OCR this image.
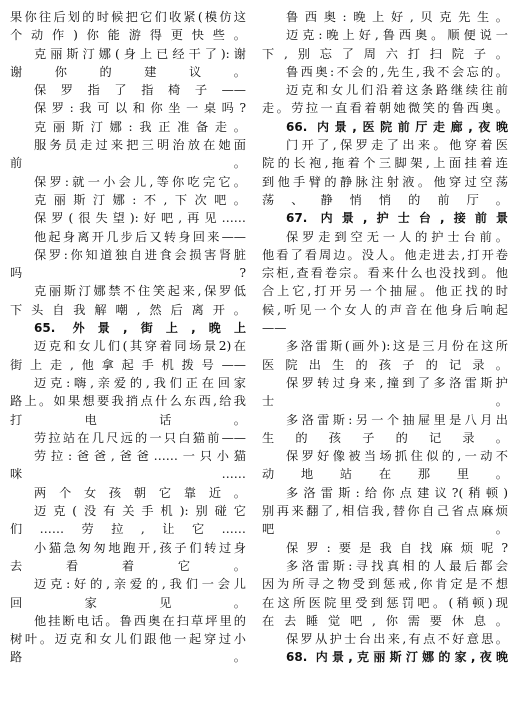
果你往后划的时候把它们收紧(模仿这
个动作)你能游得更快些。
克丽斯汀娜(身上已经干了):谢
谢你的建议。
保罗指了指椅子——
保罗:我可以和你坐一桌吗?
克丽斯汀娜:我正准备走。
服务员走过来把三明治放在她面
前 。
保罗:就一小会儿,等你吃完它。
克丽斯汀娜:不,下次吧。
保罗(很失望):好吧,再见……
他起身离开几步后又转身回来——
保罗:你知道独自进食会损害肾脏
吗 ?
克丽斯汀娜禁不住笑起来,保罗低
下头自我解嘲,然后离开。
65. 外景,街上,晚上
迈克和女儿们(其穿着同场景2)在
街上走,他拿起手机拨号——
迈克:嗨,亲爱的,我们正在回家
路上。如果想要我捎点什么东西,给我
打电话。
劳拉站在几尺远的一只白猫前——
劳拉:爸爸,爸爸……一只小猫
咪……
两个女孩朝它靠近。
迈克(没有关手机):别碰它
们……劳拉,让它……
小猫急匆匆地跑开,孩子们转过身
去看着它。
迈克:好的,亲爱的,我们一会儿
回家见。
他挂断电话。鲁西奥在扫草坪里的
树叶。迈克和女儿们跟他一起穿过小
路 。
鲁西奥:晚上好,贝克先生。
迈克:晚上好,鲁西奥。顺便说一
下,别忘了周六打扫院子。
鲁西奥:不会的,先生,我不会忘的。
迈克和女儿们沿着这条路继续往前
走。劳拉一直看着朝她微笑的鲁西奥。
66. 内景,医院前厅走廊,夜晚
门开了,保罗走了出来。他穿着医
院的长袍,拖着个三脚架,上面挂着连
到他手臂的静脉注射液。他穿过空荡
荡、静悄悄的前厅。
67. 内景,护士台,接前景
保罗走到空无一人的护士台前。
他看了看周边。没人。他走进去,打开卷
宗柜,查看卷宗。看来什么也没找到。他
合上它,打开另一个抽屉。他正找的时
候,听见一个女人的声音在他身后响起
——
多洛雷斯(画外):这是三月份在这所
医院出生的孩子的记录。
保罗转过身来,撞到了多洛雷斯护
士 。
多洛雷斯:另一个抽屉里是八月出
生的孩子的记录。
保罗好像被当场抓住似的,一动不
动地站在那里。
多洛雷斯:给你点建议?(稍顿)
别再来翻了,相信我,替你自己省点麻烦
吧。
保罗:要是我自找麻烦呢?
多洛雷斯:寻找真相的人最后都会
因为所寻之物受到惩戒,你肯定是不想
在这所医院里受到惩罚吧。(稍顿)现
在去睡觉吧,你需要休息。
保罗从护士台出来,有点不好意思。
68. 内景,克丽斯汀娜的家,夜晚
